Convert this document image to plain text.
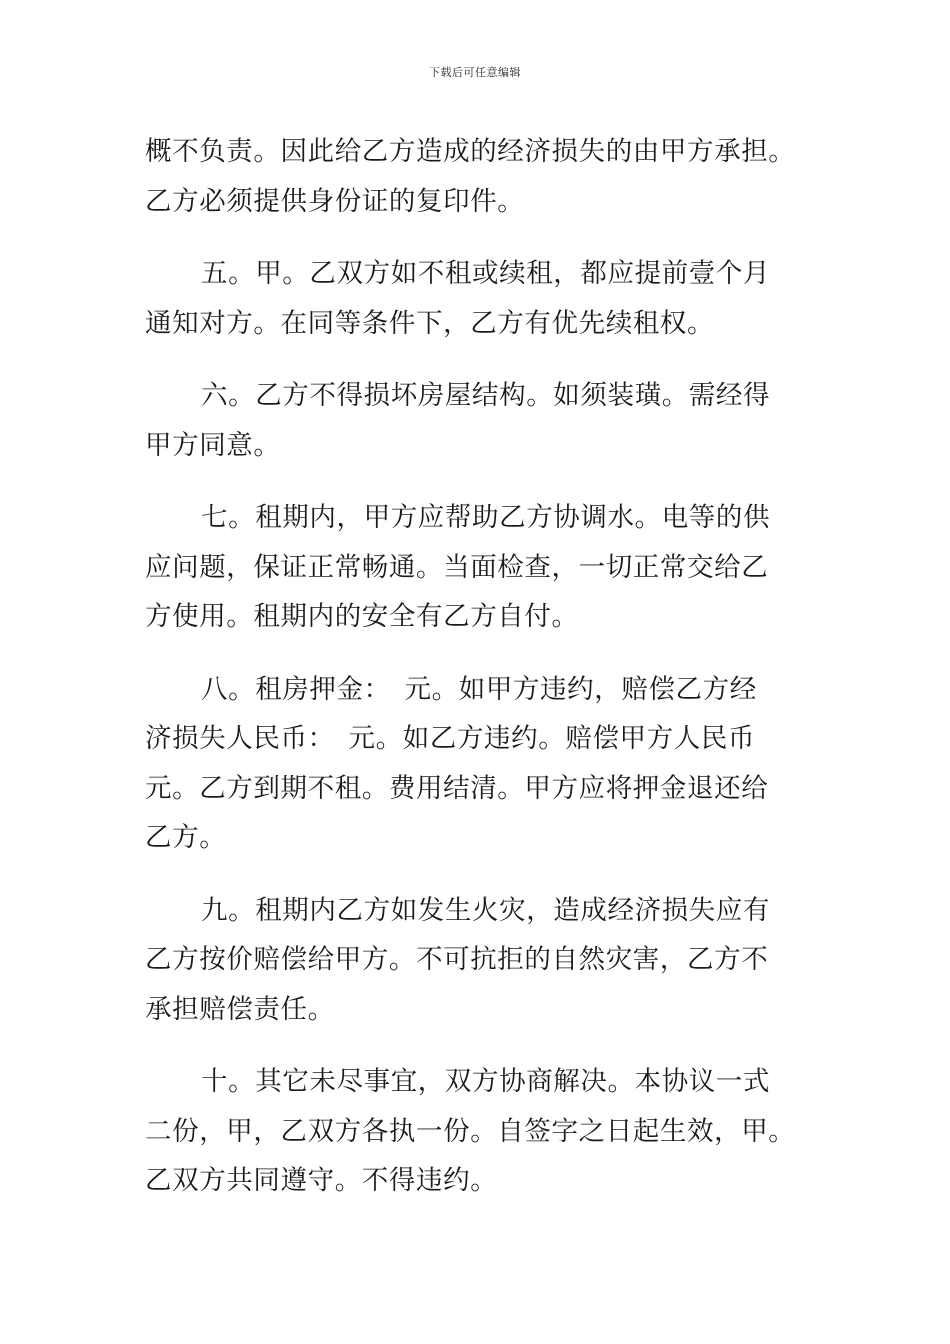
下载后可任意编辑

概不负责。因此给乙方造成的经济损失的由甲方承担。
乙方必须提供身份证的复印件。

五。甲。乙双方如不租或续租，都应提前壹个月
通知对方。在同等条件下，乙方有优先续租权。

六。乙方不得损坏房屋结构。如须装璜。需经得
甲方同意。

七。租期内，甲方应帮助乙方协调水。电等的供
应问题，保证正常畅通。当面检查，一切正常交给乙
方使用。租期内的安全有乙方自付。

八。租房押金：　元。如甲方违约，赔偿乙方经
济损失人民币：　元。如乙方违约。赔偿甲方人民币
元。乙方到期不租。费用结清。甲方应将押金退还给
乙方。

九。租期内乙方如发生火灾，造成经济损失应有
乙方按价赔偿给甲方。不可抗拒的自然灾害，乙方不
承担赔偿责任。

十。其它未尽事宜，双方协商解决。本协议一式
二份，甲，乙双方各执一份。自签字之日起生效，甲。
乙双方共同遵守。不得违约。
